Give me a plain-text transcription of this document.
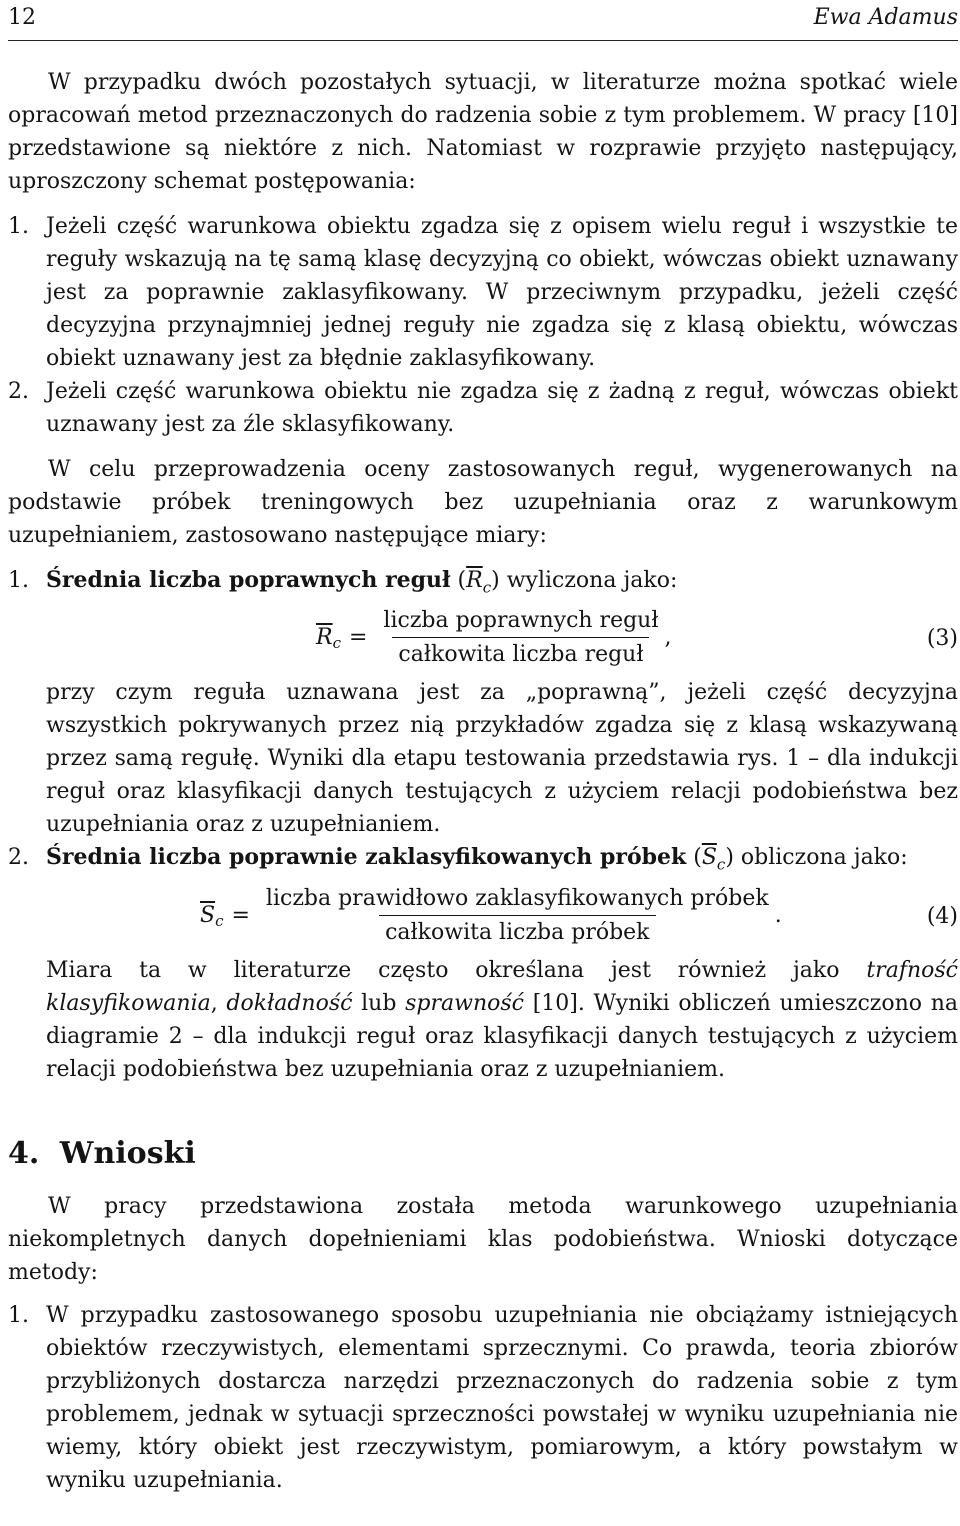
12	Ewa Adamus

W przypadku dwóch pozostałych sytuacji, w literaturze można spotkać wiele opracowań metod przeznaczonych do radzenia sobie z tym problemem. W pracy [10] przedstawione są niektóre z nich. Natomiast w rozprawie przyjęto następujący, uproszczony schemat postępowania:

1. Jeżeli część warunkowa obiektu zgadza się z opisem wielu reguł i wszystkie te reguły wskazują na tę samą klasę decyzyjną co obiekt, wówczas obiekt uznawany jest za poprawnie zaklasyfikowany. W przeciwnym przypadku, jeżeli część decyzyjna przynajmniej jednej reguły nie zgadza się z klasą obiektu, wówczas obiekt uznawany jest za błędnie zaklasyfikowany.
2. Jeżeli część warunkowa obiektu nie zgadza się z żadną z reguł, wówczas obiekt uznawany jest za źle sklasyfikowany.

W celu przeprowadzenia oceny zastosowanych reguł, wygenerowanych na podstawie próbek treningowych bez uzupełniania oraz z warunkowym uzupełnianiem, zastosowano następujące miary:

1. Średnia liczba poprawnych reguł $(\overline{R}_c)$ wyliczona jako:
$\overline{R}_c = \frac{\text{liczba poprawnych reguł}}{\text{całkowita liczba reguł}}$ ,	(3)
przy czym reguła uznawana jest za „poprawną”, jeżeli część decyzyjna wszystkich pokrywanych przez nią przykładów zgadza się z klasą wskazywaną przez samą regułę. Wyniki dla etapu testowania przedstawia rys. 1 – dla indukcji reguł oraz klasyfikacji danych testujących z użyciem relacji podobieństwa bez uzupełniania oraz z uzupełnianiem.
2. Średnia liczba poprawnie zaklasyfikowanych próbek $(\overline{S}_c)$ obliczona jako:
$\overline{S}_c = \frac{\text{liczba prawidłowo zaklasyfikowanych próbek}}{\text{całkowita liczba próbek}}$ .	(4)
Miara ta w literaturze często określana jest również jako trafność klasyfikowania, dokładność lub sprawność [10]. Wyniki obliczeń umieszczono na diagramie 2 – dla indukcji reguł oraz klasyfikacji danych testujących z użyciem relacji podobieństwa bez uzupełniania oraz z uzupełnianiem.
4. Wnioski

W pracy przedstawiona została metoda warunkowego uzupełniania niekompletnych danych dopełnieniami klas podobieństwa. Wnioski dotyczące metody:

1. W przypadku zastosowanego sposobu uzupełniania nie obciążamy istniejących obiektów rzeczywistych, elementami sprzecznymi. Co prawda, teoria zbiorów przybliżonych dostarcza narzędzi przeznaczonych do radzenia sobie z tym problemem, jednak w sytuacji sprzeczności powstałej w wyniku uzupełniania nie wiemy, który obiekt jest rzeczywistym, pomiarowym, a który powstałym w wyniku uzupełniania.
